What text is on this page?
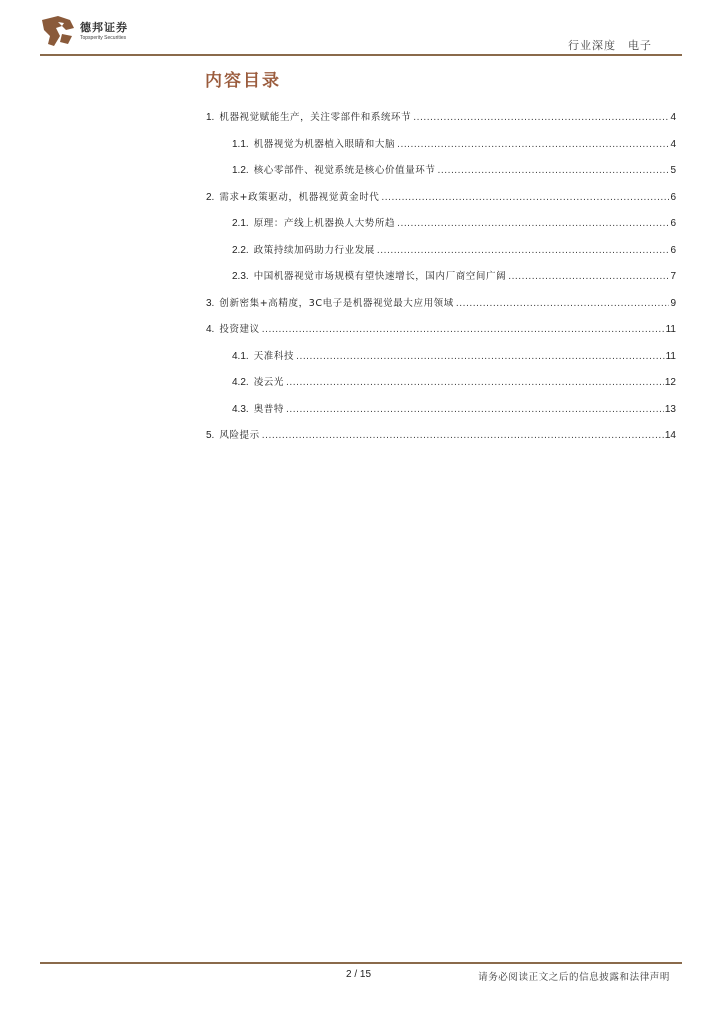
德邦证券
Topsperity Securities
行业深度　电子
内容目录
1. 机器视觉赋能生产，关注零部件和系统环节 .....	4
1.1. 机器视觉为机器植入眼睛和大脑 .....	4
1.2. 核心零部件、视觉系统是核心价值量环节 .....	5
2. 需求+政策驱动，机器视觉黄金时代 .....	6
2.1. 原理：产线上机器换人大势所趋 .....	6
2.2. 政策持续加码助力行业发展 .....	6
2.3. 中国机器视觉市场规模有望快速增长，国内厂商空间广阔 .....	7
3. 创新密集+高精度，3C电子是机器视觉最大应用领域 .....	9
4. 投资建议 .....	11
4.1. 天准科技 .....	11
4.2. 凌云光 .....	12
4.3. 奥普特 .....	13
5. 风险提示 .....	14
2 / 15	请务必阅读正文之后的信息披露和法律声明
